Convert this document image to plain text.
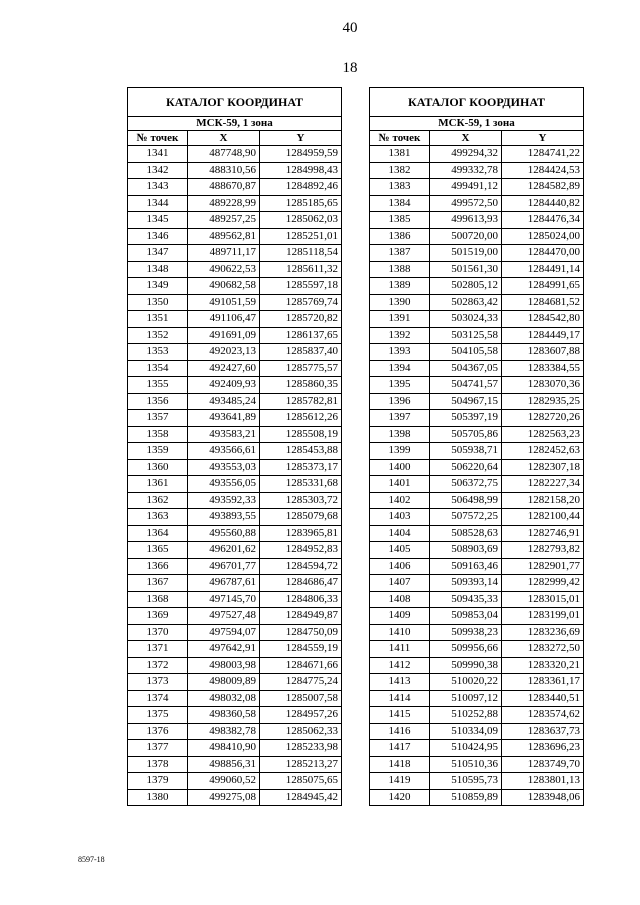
40
18
КАТАЛОГ КООРДИНАТ		
МСК-59, 1 зона		
№ точек	X	Y
1341	487748,90	1284959,59
1342	488310,56	1284998,43
1343	488670,87	1284892,46
1344	489228,99	1285185,65
1345	489257,25	1285062,03
1346	489562,81	1285251,01
1347	489711,17	1285118,54
1348	490622,53	1285611,32
1349	490682,58	1285597,18
1350	491051,59	1285769,74
1351	491106,47	1285720,82
1352	491691,09	1286137,65
1353	492023,13	1285837,40
1354	492427,60	1285775,57
1355	492409,93	1285860,35
1356	493485,24	1285782,81
1357	493641,89	1285612,26
1358	493583,21	1285508,19
1359	493566,61	1285453,88
1360	493553,03	1285373,17
1361	493556,05	1285331,68
1362	493592,33	1285303,72
1363	493893,55	1285079,68
1364	495560,88	1283965,81
1365	496201,62	1284952,83
1366	496701,77	1284594,72
1367	496787,61	1284686,47
1368	497145,70	1284806,33
1369	497527,48	1284949,87
1370	497594,07	1284750,09
1371	497642,91	1284559,19
1372	498003,98	1284671,66
1373	498009,89	1284775,24
1374	498032,08	1285007,58
1375	498360,58	1284957,26
1376	498382,78	1285062,33
1377	498410,90	1285233,98
1378	498856,31	1285213,27
1379	499060,52	1285075,65
1380	499275,08	1284945,42
КАТАЛОГ КООРДИНАТ		
МСК-59, 1 зона		
№ точек	X	Y
1381	499294,32	1284741,22
1382	499332,78	1284424,53
1383	499491,12	1284582,89
1384	499572,50	1284440,82
1385	499613,93	1284476,34
1386	500720,00	1285024,00
1387	501519,00	1284470,00
1388	501561,30	1284491,14
1389	502805,12	1284991,65
1390	502863,42	1284681,52
1391	503024,33	1284542,80
1392	503125,58	1284449,17
1393	504105,58	1283607,88
1394	504367,05	1283384,55
1395	504741,57	1283070,36
1396	504967,15	1282935,25
1397	505397,19	1282720,26
1398	505705,86	1282563,23
1399	505938,71	1282452,63
1400	506220,64	1282307,18
1401	506372,75	1282227,34
1402	506498,99	1282158,20
1403	507572,25	1282100,44
1404	508528,63	1282746,91
1405	508903,69	1282793,82
1406	509163,46	1282901,77
1407	509393,14	1282999,42
1408	509435,33	1283015,01
1409	509853,04	1283199,01
1410	509938,23	1283236,69
1411	509956,66	1283272,50
1412	509990,38	1283320,21
1413	510020,22	1283361,17
1414	510097,12	1283440,51
1415	510252,88	1283574,62
1416	510334,09	1283637,73
1417	510424,95	1283696,23
1418	510510,36	1283749,70
1419	510595,73	1283801,13
1420	510859,89	1283948,06
8597-18
